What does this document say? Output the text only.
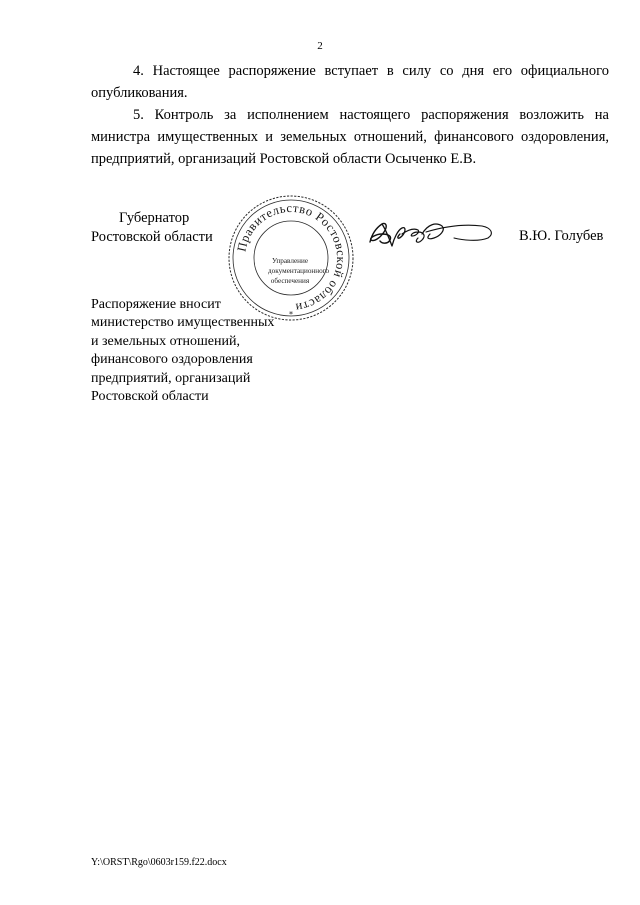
2

4. Настоящее распоряжение вступает в силу со дня его официального опубликования.

5. Контроль за исполнением настоящего распоряжения возложить на министра имущественных и земельных отношений, финансового оздоровления, предприятий, организаций Ростовской области Осыченко Е.В.

Губернатор
Ростовской области
Правительство Ростовской области
*
Управление
документационного
обеспечения
В.Ю. Голубев
Распоряжение вносит
министерство имущественных
и земельных отношений,
финансового оздоровления
предприятий, организаций
Ростовской области
Y:\ORST\Rgo\0603r159.f22.docx
